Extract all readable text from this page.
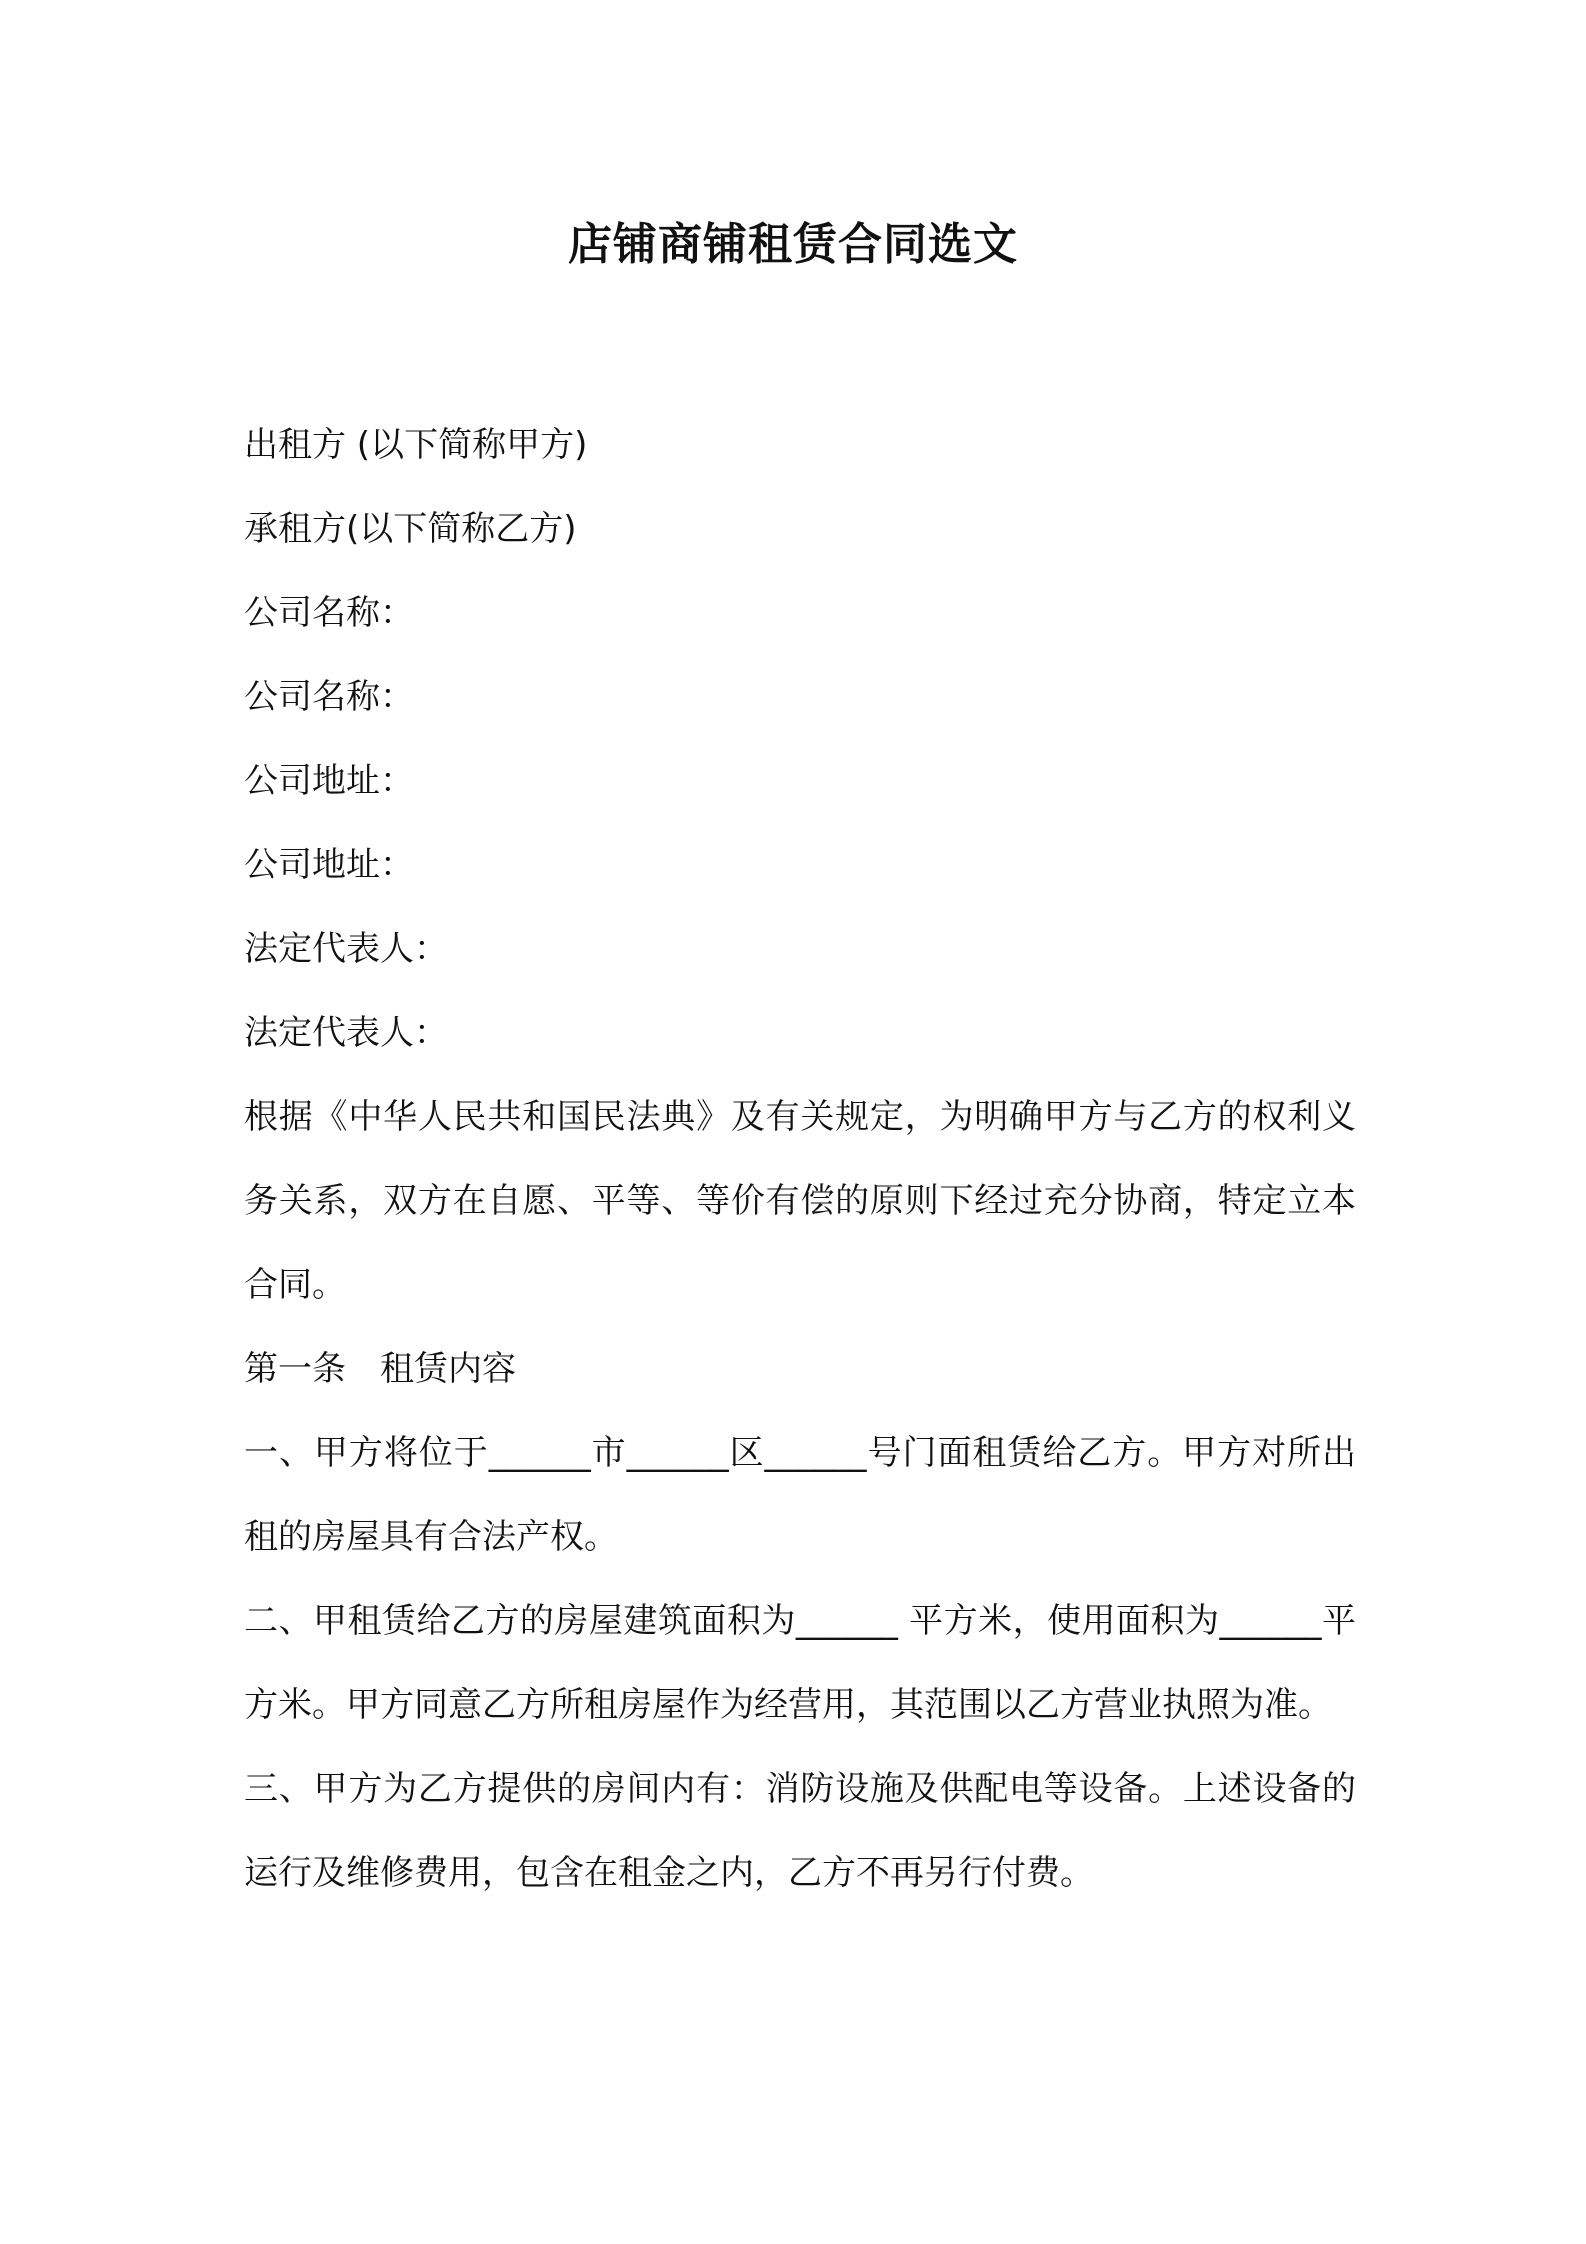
店铺商铺租赁合同选文
出租方 (以下简称甲方)
承租方(以下简称乙方)
公司名称：
公司名称：
公司地址：
公司地址：
法定代表人：
法定代表人：
根据《中华人民共和国民法典》及有关规定，为明确甲方与乙方的权利义务关系，双方在自愿、平等、等价有偿的原则下经过充分协商，特定立本合同。
第一条　租赁内容
一、甲方将位于______市______区______号门面租赁给乙方。甲方对所出租的房屋具有合法产权。
二、甲租赁给乙方的房屋建筑面积为______ 平方米，使用面积为______平方米。甲方同意乙方所租房屋作为经营用，其范围以乙方营业执照为准。
三、甲方为乙方提供的房间内有：消防设施及供配电等设备。上述设备的运行及维修费用，包含在租金之内，乙方不再另行付费。
